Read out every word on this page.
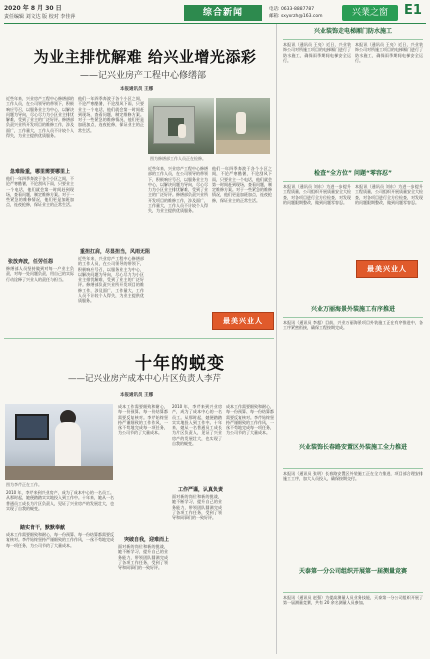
2020 年 8 月 30 日
责任编辑 刘文达 版 校对 李佳萍	综合新闻	电话: 0633-8887787
邮箱: sxyxrzh@163.com	兴業之窗	E1
为业主排忧解难 给兴业增光添彩
——记兴业房产工程中心修缮部
本报通讯员 王娜
近些年来，兴业房产工程中心修缮部的工作人员，在公司领导的带领下，积极响应号召，以服务业主为中心，以解决问题为导向，尽心尽力为小区业主排忧解难，受到了业主的广泛好评。修缮部负责兴业所开发项目的维修工作，涉及面广，工作量大，工作人员不计较个人得失，为业主提供优质服务。
急难险重，哪里需要哪里上
他们一年四季奔波于各个小区之间，不论严寒酷暑，不论刮风下雨，只要业主一个电话，他们就会第一时间赶到现场，查看问题，制定维修方案。对于一些紧急的维修情况，他们更是加班加点，连夜抢修，保证业主的正常生活。
张放奔波，任劳任怨
修缮部人员坚持做到对每一户业主负责，对每一处问题负责，用自己的实际行动诠释了兴业人的责任与担当。
他们一年四季奔波于各个小区之间，不论严寒酷暑，不论刮风下雨，只要业主一个电话，他们就会第一时间赶到现场，查看问题，制定维修方案。对于一些紧急的维修情况，他们更是加班加点，连夜抢修，保证业主的正常生活。
重担扛肩，尽显担当，风雨无阻
近些年来，兴业房产工程中心修缮部的工作人员，在公司领导的带领下，积极响应号召，以服务业主为中心，以解决问题为导向，尽心尽力为小区业主排忧解难，受到了业主的广泛好评。修缮部负责兴业所开发项目的维修工作，涉及面广，工作量大，工作人员不计较个人得失，为业主提供优质服务。
图为修缮部工作人员正在检修。
近些年来，兴业房产工程中心修缮部的工作人员，在公司领导的带领下，积极响应号召，以服务业主为中心，以解决问题为导向，尽心尽力为小区业主排忧解难，受到了业主的广泛好评。修缮部负责兴业所开发项目的维修工作，涉及面广，工作量大，工作人员不计较个人得失，为业主提供优质服务。
他们一年四季奔波于各个小区之间，不论严寒酷暑，不论刮风下雨，只要业主一个电话，他们就会第一时间赶到现场，查看问题，制定维修方案。对于一些紧急的维修情况，他们更是加班加点，连夜抢修，保证业主的正常生活。
最美兴业人
十年的蜕变
——记兴业房产成本中心片区负责人李芹
本报通讯员 王娜
图为李芹正在工作。
2010 年，李芹来到兴业房产，成为了成本中心的一名员工。从那时起，她便踏踏实实地投入到工作中。十年来，她从一名普通员工成长为片区负责人，见证了兴业房产的发展壮大，也实现了自我的蜕变。
踏实肯干，默默奉献
成本工作需要细致和耐心，每一份预算、每一份结算都需要反复核对。李芹始终坚持严谨细致的工作作风，一丝不苟地完成每一项任务，为公司节约了大量成本。
成本工作需要细致和耐心，每一份预算、每一份结算都需要反复核对。李芹始终坚持严谨细致的工作作风，一丝不苟地完成每一项任务，为公司节约了大量成本。
突破自我，迎难而上
面对新的岗位和新的挑战，她不断学习，提升自己的业务能力，带领团队圆满完成了各项工作任务，受到了领导和同事们的一致好评。
2010 年，李芹来到兴业房产，成为了成本中心的一名员工。从那时起，她便踏踏实实地投入到工作中。十年来，她从一名普通员工成长为片区负责人，见证了兴业房产的发展壮大，也实现了自我的蜕变。
工作严谨，认真负责
面对新的岗位和新的挑战，她不断学习，提升自己的业务能力，带领团队圆满完成了各项工作任务，受到了领导和同事们的一致好评。
成本工作需要细致和耐心，每一份预算、每一份结算都需要反复核对。李芹始终坚持严谨细致的工作作风，一丝不苟地完成每一项任务，为公司节约了大量成本。
兴业装饰走电梯厢门防水施工
本报讯（通讯员 王亮）近日，兴业装饰公司对所施工项目的电梯厢门进行了防水施工，确保雨季期间电梯安全运行。
本报讯（通讯员 王亮）近日，兴业装饰公司对所施工项目的电梯厢门进行了防水施工，确保雨季期间电梯安全运行。
检查“全方位” 问题“零容忍”
本报讯（通讯员 刘东）为进一步提升工程质量，公司组织开展质量安全大检查，对各项目进行全方位检查，对发现的问题限期整改，做到问题零容忍。
本报讯（通讯员 刘东）为进一步提升工程质量，公司组织开展质量安全大检查，对各项目进行全方位检查，对发现的问题限期整改，做到问题零容忍。
最美兴业人
兴业万丽海景外装施工有序推进
本报讯（通讯员 李超）目前，兴业万丽海景项目外装施工正在有序推进中，各工序紧密衔接，确保工程按期完成。
兴业装饰长春路安置区外装施工全力推进
本报讯（通讯员 张明）长春路安置区外装施工正在全力推进，项目部合理安排施工工序，加大人员投入，确保按期交付。
天泰第一分公司组织开展第一届测量竞赛
本报讯（通讯员 赵强）为提高测量人员业务技能，天泰第一分公司组织开展了第一届测量竞赛，共有 20 余名测量人员参加。
